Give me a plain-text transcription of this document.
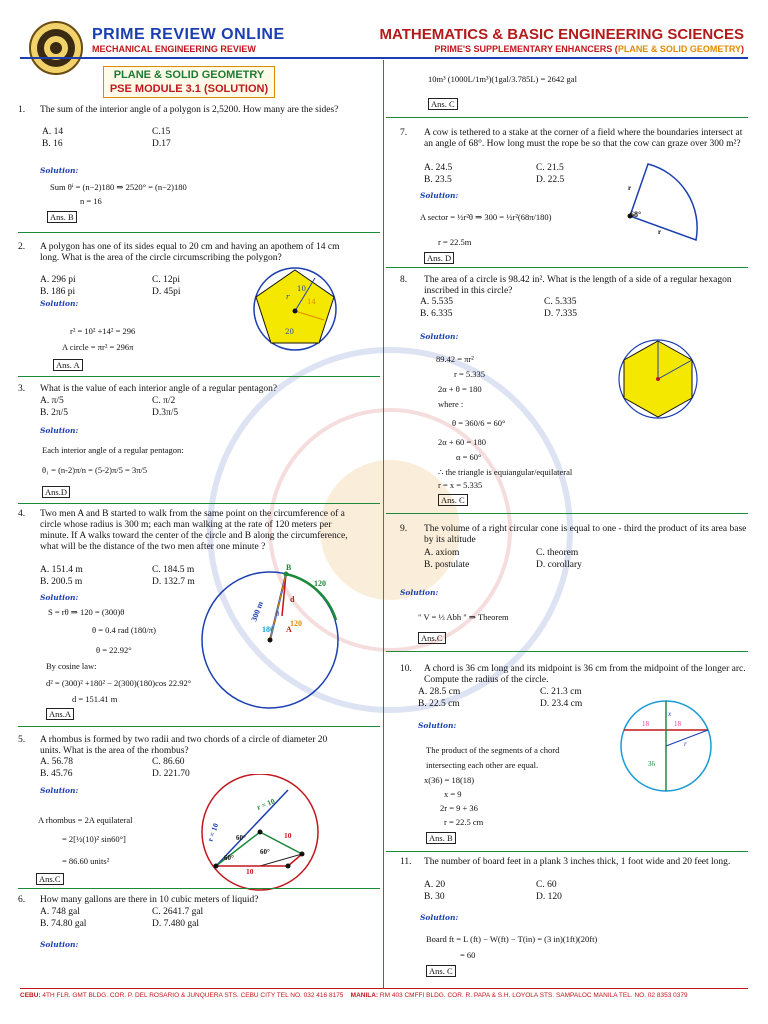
PRIME REVIEW ONLINE
MECHANICAL ENGINEERING REVIEW
MATHEMATICS & BASIC ENGINEERING SCIENCES
PRIME'S SUPPLEMENTARY ENHANCERS (PLANE & SOLID GEOMETRY)
PLANE & SOLID GEOMETRY
PSE MODULE 3.1 (SOLUTION)
1. The sum of the interior angle of a polygon is 2,5200. How many are the sides?
A. 14	C.15
B. 16	D.17
Solution:
Sum θⁱ = (n−2)180 ⇒ 2520° = (n−2)180
n = 16
Ans. B
2. A polygon has one of its sides equal to 20 cm and having an apothem of 14 cm long. What is the area of the circle circumscribing the polygon?
A. 296 pi	C. 12pi
B. 186 pi	D. 45pi
Solution:
r² = 10² +14² = 296
A circle = πr² = 296π
Ans. A
10
14
20
r
3. What is the value of each interior angle of a regular pentagon?
A. π/5	C. π/2
B. 2π/5	D.3π/5
Solution:
Each interior angle of a regular pentagon:
θ₁ = (n-2)π/n = (5-2)π/5 = 3π/5
Ans.D
4. Two men A and B started to walk from the same point on the circumference of a circle whose radius is 300 m; each man walking at the rate of 120 meters per minute. If A walks toward the center of the circle and B along the circumference, what will be the distance of the two men after one minute ?
A. 151.4 m	C. 184.5 m
B. 200.5 m	D. 132.7 m
Solution:
S = rθ ⇒ 120 = (300)θ
θ = 0.4 rad (180/π)
θ = 22.92°
By cosine law:
d² = (300)² +180² − 2(300)(180)cos 22.92°
d = 151.41 m
Ans.A
B
A
120
300 m
180
120
d
θ
5. A rhombus is formed by two radii and two chords of a circle of diameter 20 units. What is the area of the rhombus?
A. 56.78	C. 86.60
B. 45.76	D. 221.70
Solution:
A rhombus = 2A equilateral
= 2[½(10)² sin60°]
= 86.60 units²
Ans.C
r = 10
r = 10	10
10
60°
60°
60°
6. How many gallons are there in 10 cubic meters of liquid?
A. 748 gal	C. 2641.7 gal
B. 74.80 gal	D. 7.480 gal
Solution:
10m³ (1000L/1m³)(1gal/3.785L) = 2642 gal
Ans. C
7. A cow is tethered to a stake at the corner of a field where the boundaries intersect at an angle of 68°. How long must the rope be so that the cow can graze over 300 m²?
A. 24.5	C. 21.5
B. 23.5	D. 22.5
Solution:
A sector = ½r²θ ⇒ 300 = ½r²(68π/180)
r = 22.5m
Ans. D
68°
r
r
8. The area of a circle is 98.42 in². What is the length of a side of a regular hexagon inscribed in this circle?
A. 5.535	C. 5.335
B. 6.335	D. 7.335
Solution:
89.42 = πr²
r = 5.335
2α + θ = 180
where :
θ = 360/6 = 60°
2α + 60 = 180
α = 60°
∴ the triangle is equiangular/equilateral
r = x = 5.335
Ans. C
9. The volume of a right circular cone is equal to one - third the product of its area base by its altitude
A. axiom	C. theorem
B. postulate	D. corollary
Solution:
" V = ⅓ Abh " ⇒ Theorem
Ans.C
10. A chord is 36 cm long and its midpoint is 36 cm from the midpoint of the longer arc. Compute the radius of the circle.
A. 28.5 cm	C. 21.3 cm
B. 22.5 cm	D. 23.4 cm
Solution:
The product of the segments of a chord
intersecting each other are equal.
x(36) = 18(18)
x = 9
2r = 9 + 36
r = 22.5 cm
Ans. B
18	18
36
x
r
11. The number of board feet in a plank 3 inches thick, 1 foot wide and 20 feet long.
A. 20	C. 60
B. 30	D. 120
Solution:
Board ft = L (ft) − W(ft) − T(in) = (3 in)(1ft)(20ft)
= 60
Ans. C
CEBU: 4TH FLR. GMT BLDG. COR. P. DEL ROSARIO & JUNQUERA STS. CEBU CITY TEL NO. 032 416 8175 MANILA: RM 403 CMFFI BLDG. COR. R. PAPA & S.H. LOYOLA STS. SAMPALOC MANILA TEL. NO. 02 8353 0379
